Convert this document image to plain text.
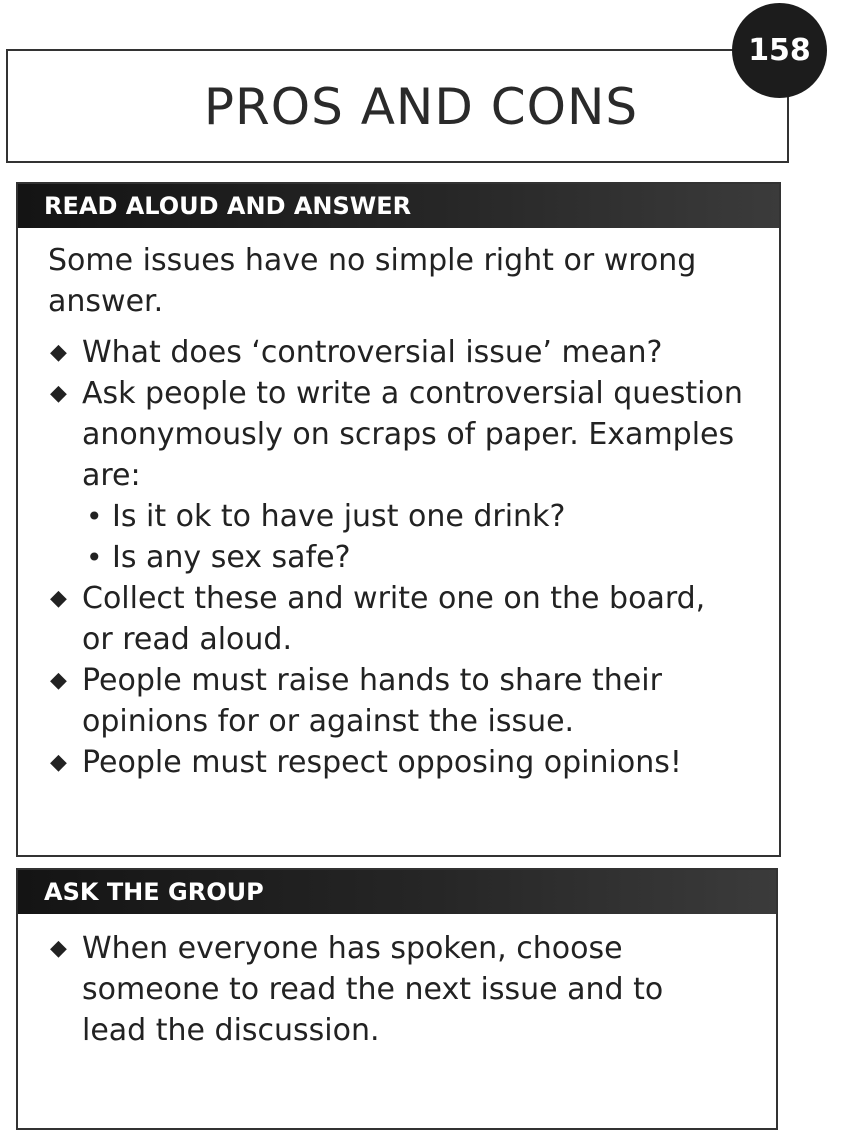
PROS AND CONS
158
READ ALOUD AND ANSWER
Some issues have no simple right or wrong
answer.
◆ What does ‘controversial issue’ mean?
◆ Ask people to write a controversial question
anonymously on scraps of paper. Examples are:
• Is it ok to have just one drink?
• Is any sex safe?
◆ Collect these and write one on the board,
or read aloud.
◆ People must raise hands to share their
opinions for or against the issue.
◆ People must respect opposing opinions!
ASK THE GROUP
◆ When everyone has spoken, choose
someone to read the next issue and to
lead the discussion.
